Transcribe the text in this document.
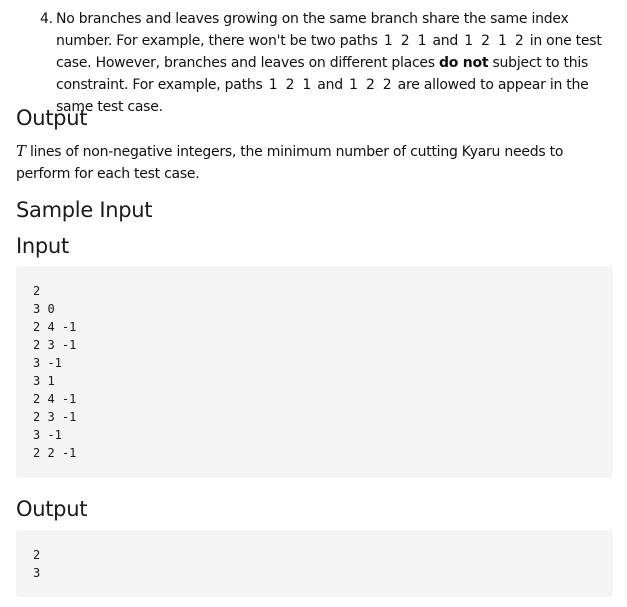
4. No branches and leaves growing on the same branch share the same index number. For example, there won't be two paths 1 2 1 and 1 2 1 2 in one test case. However, branches and leaves on different places do not subject to this constraint. For example, paths 1 2 1 and 1 2 2 are allowed to appear in the same test case.
Output
T lines of non-negative integers, the minimum number of cutting Kyaru needs to perform for each test case.
Sample Input
Input
2
3 0
2 4 -1
2 3 -1
3 -1
3 1
2 4 -1
2 3 -1
3 -1
2 2 -1
Output
2
3
